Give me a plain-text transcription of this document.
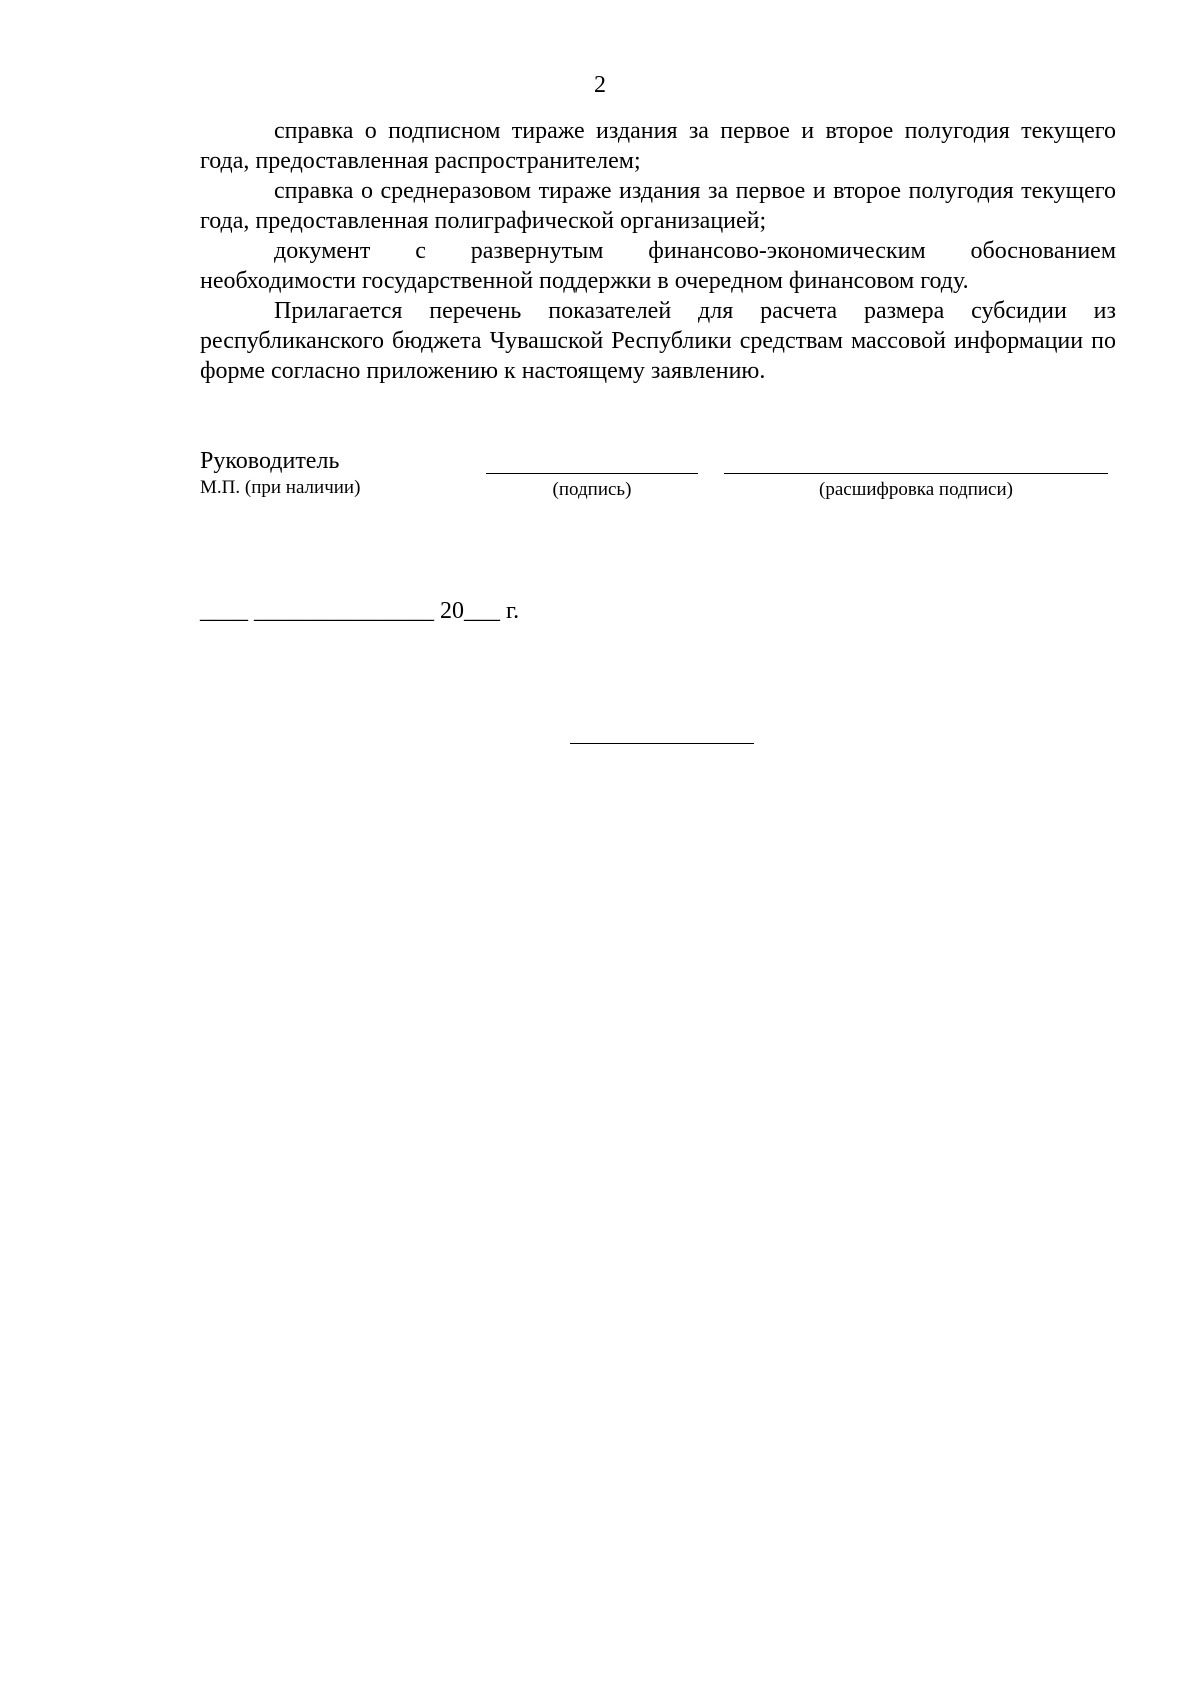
2

справка о подписном тираже издания за первое и второе полугодия текущего года, предоставленная распространителем;

справка о среднеразовом тираже издания за первое и второе полугодия текущего года, предоставленная полиграфической организацией;

документ с развернутым финансово-экономическим обоснованием необходимости государственной поддержки в очередном финансовом году.

Прилагается перечень показателей для расчета размера субсидии из республиканского бюджета Чувашской Республики средствам массовой информации по форме согласно приложению к настоящему заявлению.

Руководитель
М.П. (при наличии)	(подпись)	(расшифровка подписи)
____ _______________ 20___ г.
